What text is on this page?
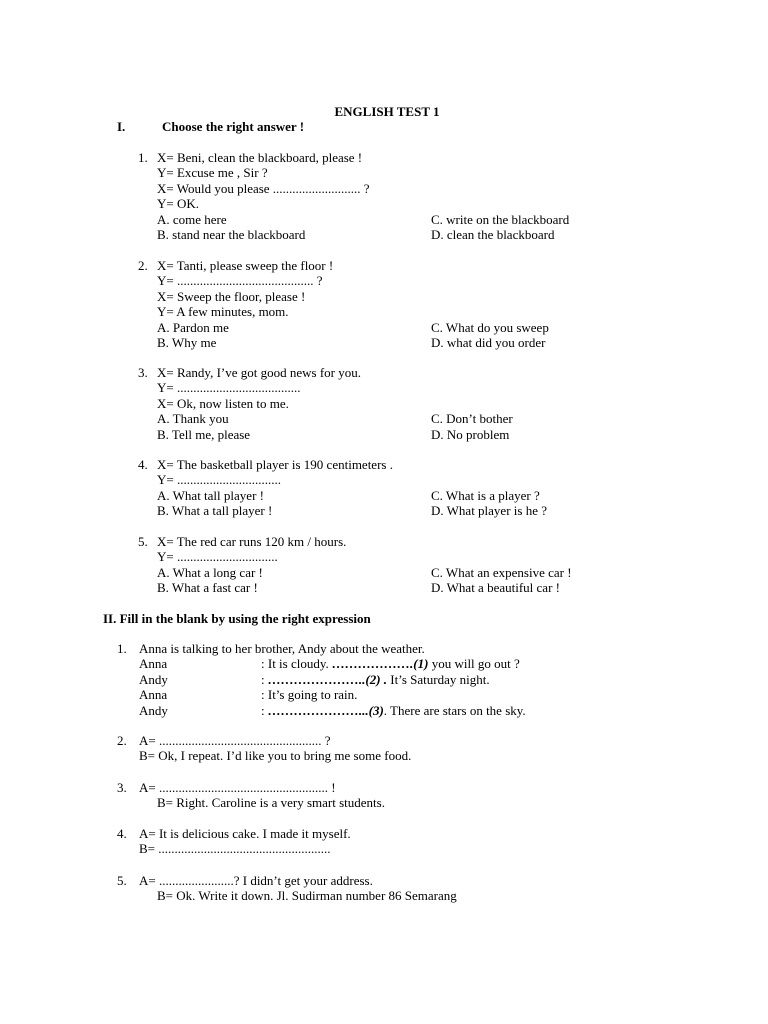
ENGLISH TEST 1
I.	Choose the right answer !
1. X= Beni, clean the blackboard, please !
Y= Excuse me , Sir ?
X= Would you please ........................... ?
Y= OK.
A. come here	C. write on the blackboard
B. stand near the blackboard	D. clean the blackboard
2. X= Tanti, please sweep the floor !
Y= .......................................... ?
X= Sweep the floor, please !
Y= A few minutes, mom.
A. Pardon me	C. What do you sweep
B. Why me	D. what did you order
3. X= Randy, I’ve got good news for you.
Y= ......................................
X= Ok, now listen to me.
A. Thank you	C. Don’t bother
B. Tell me, please	D. No problem
4. X= The basketball player is 190 centimeters .
Y= ................................
A. What tall player !	C. What is a player ?
B. What a tall player !	D. What player is he ?
5. X= The red car runs 120 km / hours.
Y= ...............................
A. What a long car !	C. What an expensive car !
B. What a fast car !	D. What a beautiful car !
II. Fill in the blank by using the right expression
1. Anna is talking to her brother, Andy about the weather.
Anna	: It is cloudy. ……………….(1) you will go out ?
Andy	: …………………..(2) . It’s Saturday night.
Anna	: It’s going to rain.
Andy	: …………………...(3). There are stars on the sky.
2. A= .................................................. ?
B= Ok, I repeat. I’d like you to bring me some food.
3. A= .................................................... !
B= Right. Caroline is a very smart students.
4. A= It is delicious cake. I made it myself.
B= .....................................................
5. A= .......................? I didn’t get your address.
B= Ok. Write it down. Jl. Sudirman number 86 Semarang
